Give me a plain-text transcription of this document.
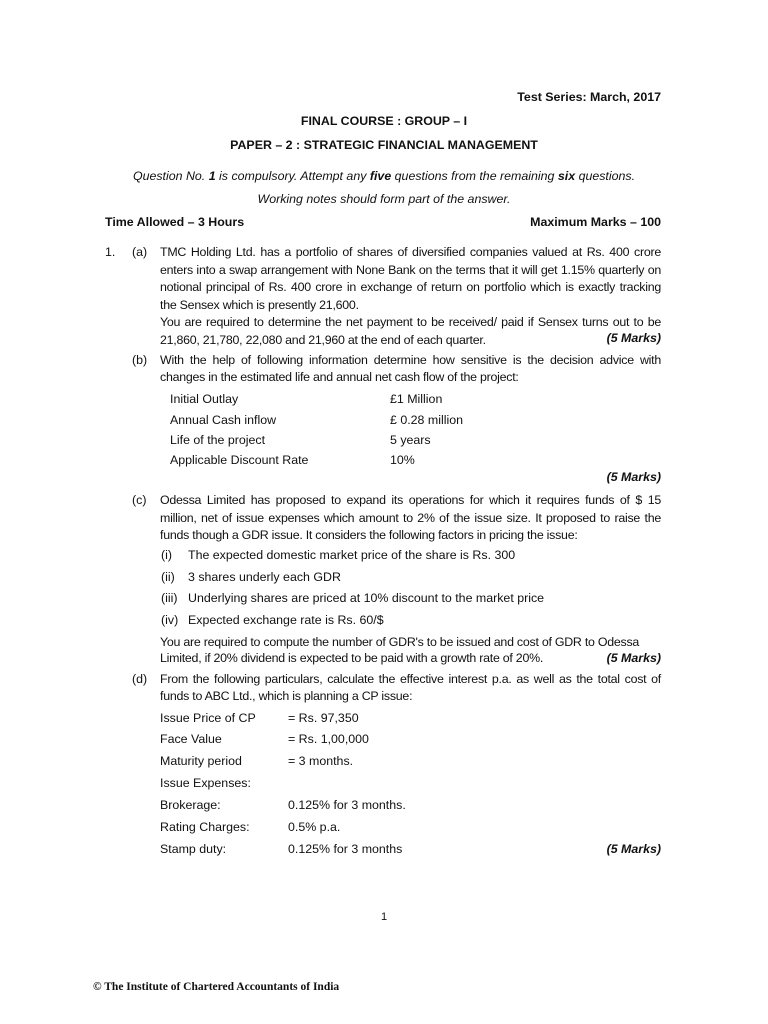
Test Series: March, 2017
FINAL COURSE : GROUP – I
PAPER – 2 : STRATEGIC FINANCIAL MANAGEMENT
Question No. 1 is compulsory. Attempt any five questions from the remaining six questions.
Working notes should form part of the answer.
Time Allowed – 3 Hours	Maximum Marks – 100
1. (a) TMC Holding Ltd. has a portfolio of shares of diversified companies valued at Rs. 400 crore enters into a swap arrangement with None Bank on the terms that it will get 1.15% quarterly on notional principal of Rs. 400 crore in exchange of return on portfolio which is exactly tracking the Sensex which is presently 21,600.
You are required to determine the net payment to be received/ paid if Sensex turns out to be 21,860, 21,780, 22,080 and 21,960 at the end of each quarter.	(5 Marks)
(b) With the help of following information determine how sensitive is the decision advice with changes in the estimated life and annual net cash flow of the project:
Initial Outlay	£1 Million
Annual Cash inflow	£ 0.28 million
Life of the project	5 years
Applicable Discount Rate	10%
(5 Marks)
(c) Odessa Limited has proposed to expand its operations for which it requires funds of $ 15 million, net of issue expenses which amount to 2% of the issue size. It proposed to raise the funds though a GDR issue. It considers the following factors in pricing the issue:
(i) The expected domestic market price of the share is Rs. 300
(ii) 3 shares underly each GDR
(iii) Underlying shares are priced at 10% discount to the market price
(iv) Expected exchange rate is Rs. 60/$
You are required to compute the number of GDR's to be issued and cost of GDR to Odessa
Limited, if 20% dividend is expected to be paid with a growth rate of 20%.	(5 Marks)
(d) From the following particulars, calculate the effective interest p.a. as well as the total cost of funds to ABC Ltd., which is planning a CP issue:
Issue Price of CP	= Rs. 97,350
Face Value	= Rs. 1,00,000
Maturity period	= 3 months.
Issue Expenses:
Brokerage:	0.125% for 3 months.
Rating Charges:	0.5% p.a.
Stamp duty:	0.125% for 3 months	(5 Marks)
1
© The Institute of Chartered Accountants of India
